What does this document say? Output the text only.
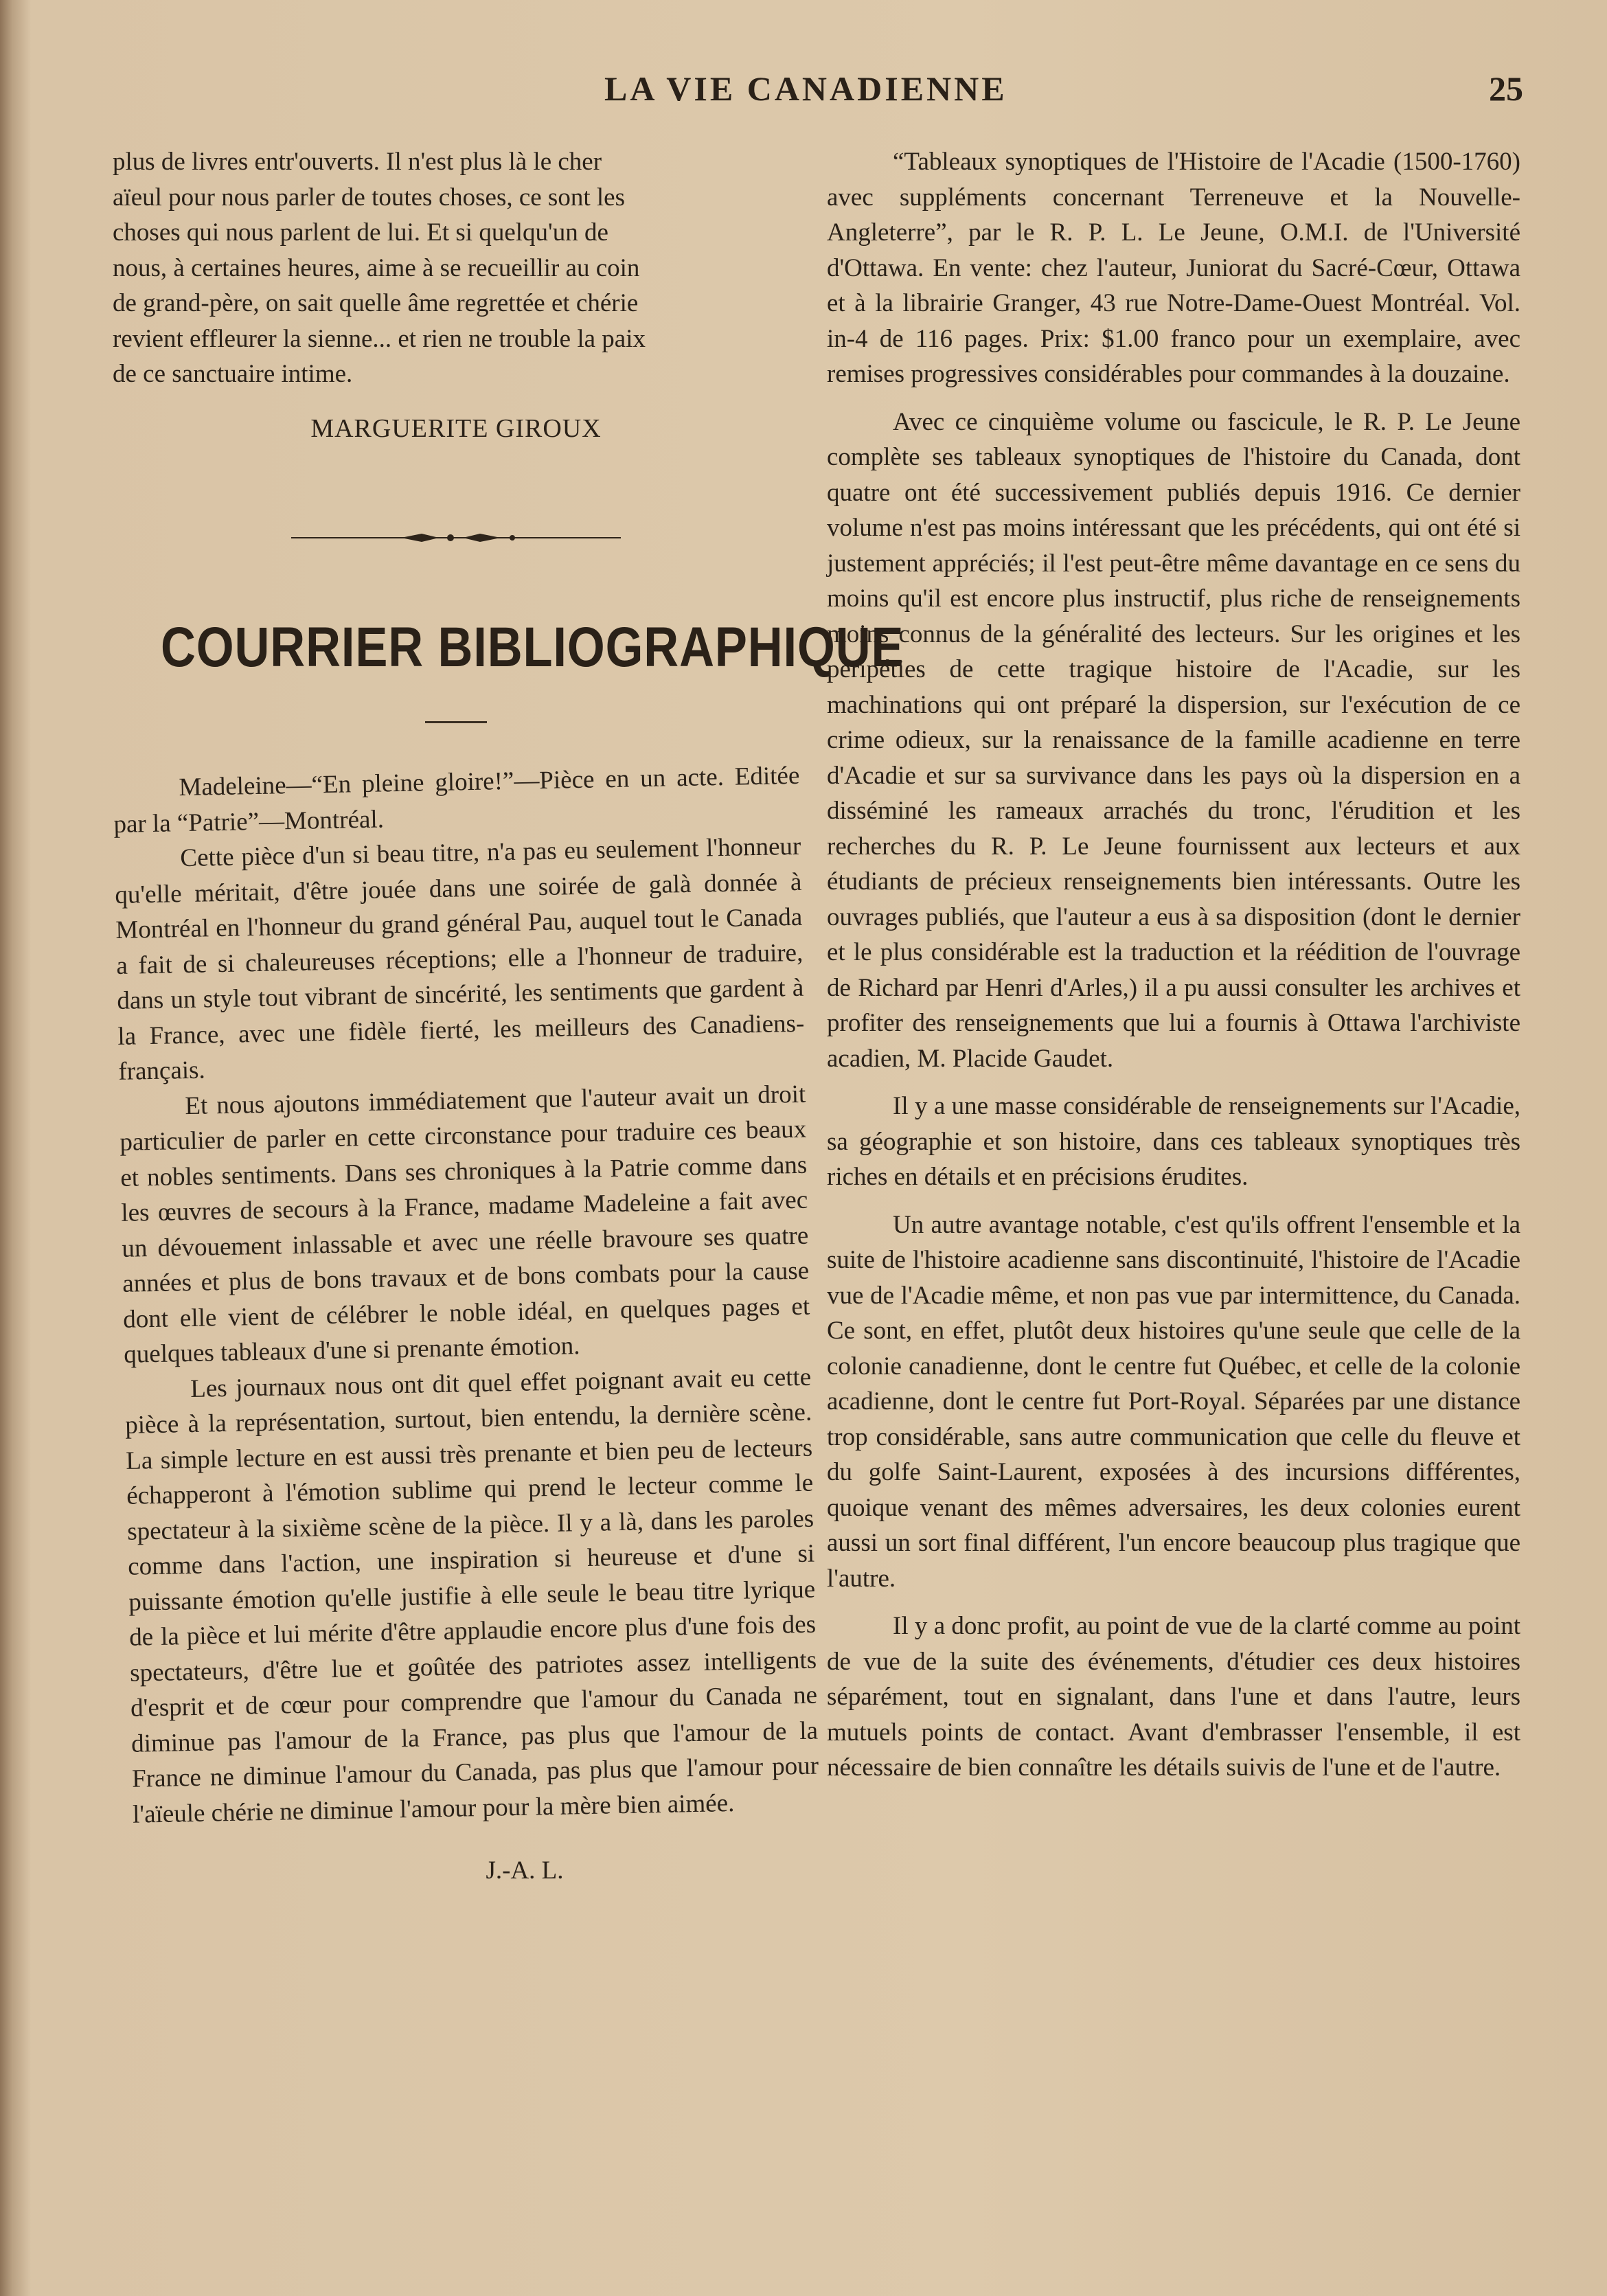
LA VIE CANADIENNE	25

plus de livres entr'ouverts. Il n'est plus là le cher

aïeul pour nous parler de toutes choses, ce sont les

choses qui nous parlent de lui. Et si quelqu'un de

nous, à certaines heures, aime à se recueillir au coin

de grand-père, on sait quelle âme regrettée et chérie

revient effleurer la sienne... et rien ne trouble la paix

de ce sanctuaire intime.

MARGUERITE GIROUX

COURRIER BIBLIOGRAPHIQUE

Madeleine—“En pleine gloire!”—Pièce en un acte. Editée par la “Patrie”—Montréal.

Cette pièce d'un si beau titre, n'a pas eu seulement l'honneur qu'elle méritait, d'être jouée dans une soirée de galà donnée à Montréal en l'honneur du grand général Pau, auquel tout le Canada a fait de si chaleureuses réceptions; elle a l'honneur de traduire, dans un style tout vibrant de sincérité, les sentiments que gardent à la France, avec une fidèle fierté, les meilleurs des Canadiens-français.

Et nous ajoutons immédiatement que l'auteur avait un droit particulier de parler en cette circonstance pour traduire ces beaux et nobles sentiments. Dans ses chroniques à la Patrie comme dans les œuvres de secours à la France, madame Madeleine a fait avec un dévouement inlassable et avec une réelle bravoure ses quatre années et plus de bons travaux et de bons combats pour la cause dont elle vient de célébrer le noble idéal, en quelques pages et quelques tableaux d'une si prenante émotion.

Les journaux nous ont dit quel effet poignant avait eu cette pièce à la représentation, surtout, bien entendu, la dernière scène. La simple lecture en est aussi très prenante et bien peu de lecteurs échapperont à l'émotion sublime qui prend le lecteur comme le spectateur à la sixième scène de la pièce. Il y a là, dans les paroles comme dans l'action, une inspiration si heureuse et d'une si puissante émotion qu'elle justifie à elle seule le beau titre lyrique de la pièce et lui mérite d'être applaudie encore plus d'une fois des spectateurs, d'être lue et goûtée des patriotes assez intelligents d'esprit et de cœur pour comprendre que l'amour du Canada ne diminue pas l'amour de la France, pas plus que l'amour de la France ne diminue l'amour du Canada, pas plus que l'amour pour l'aïeule chérie ne diminue l'amour pour la mère bien aimée.

J.-A. L.

“Tableaux synoptiques de l'Histoire de l'Acadie (1500-1760) avec suppléments concernant Terreneuve et la Nouvelle-Angleterre”, par le R. P. L. Le Jeune, O.M.I. de l'Université d'Ottawa. En vente: chez l'auteur, Juniorat du Sacré-Cœur, Ottawa et à la librairie Granger, 43 rue Notre-Dame-Ouest Montréal. Vol. in-4 de 116 pages. Prix: $1.00 franco pour un exemplaire, avec remises progressives considérables pour commandes à la douzaine.

Avec ce cinquième volume ou fascicule, le R. P. Le Jeune complète ses tableaux synoptiques de l'histoire du Canada, dont quatre ont été successivement publiés depuis 1916. Ce dernier volume n'est pas moins intéressant que les précédents, qui ont été si justement appréciés; il l'est peut-être même davantage en ce sens du moins qu'il est encore plus instructif, plus riche de renseignements moins connus de la généralité des lecteurs. Sur les origines et les péripéties de cette tragique histoire de l'Acadie, sur les machinations qui ont préparé la dispersion, sur l'exécution de ce crime odieux, sur la renaissance de la famille acadienne en terre d'Acadie et sur sa survivance dans les pays où la dispersion en a disséminé les rameaux arrachés du tronc, l'érudition et les recherches du R. P. Le Jeune fournissent aux lecteurs et aux étudiants de précieux renseignements bien intéressants. Outre les ouvrages publiés, que l'auteur a eus à sa disposition (dont le dernier et le plus considérable est la traduction et la réédition de l'ouvrage de Richard par Henri d'Arles,) il a pu aussi consulter les archives et profiter des renseignements que lui a fournis à Ottawa l'archiviste acadien, M. Placide Gaudet.

Il y a une masse considérable de renseignements sur l'Acadie, sa géographie et son histoire, dans ces tableaux synoptiques très riches en détails et en précisions érudites.

Un autre avantage notable, c'est qu'ils offrent l'ensemble et la suite de l'histoire acadienne sans discontinuité, l'histoire de l'Acadie vue de l'Acadie même, et non pas vue par intermittence, du Canada. Ce sont, en effet, plutôt deux histoires qu'une seule que celle de la colonie canadienne, dont le centre fut Québec, et celle de la colonie acadienne, dont le centre fut Port-Royal. Séparées par une distance trop considérable, sans autre communication que celle du fleuve et du golfe Saint-Laurent, exposées à des incursions différentes, quoique venant des mêmes adversaires, les deux colonies eurent aussi un sort final différent, l'un encore beaucoup plus tragique que l'autre.

Il y a donc profit, au point de vue de la clarté comme au point de vue de la suite des événements, d'étudier ces deux histoires séparément, tout en signalant, dans l'une et dans l'autre, leurs mutuels points de contact. Avant d'embrasser l'ensemble, il est nécessaire de bien connaître les détails suivis de l'une et de l'autre.
